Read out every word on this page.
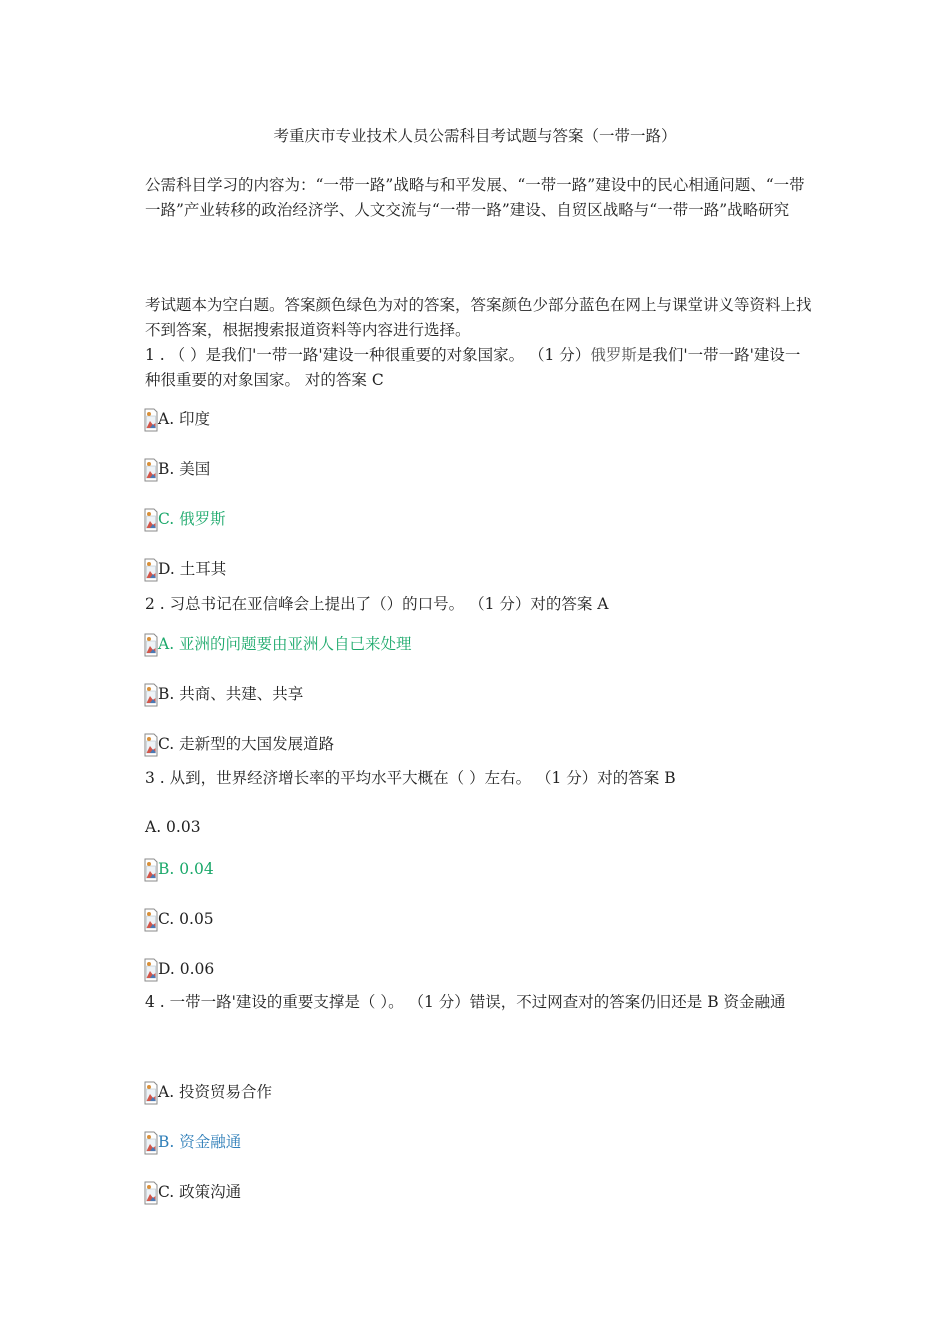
考重庆市专业技术人员公需科目考试题与答案（一带一路）
公需科目学习的内容为：“一带一路”战略与和平发展、“一带一路”建设中的民心相通问题、“一带一路”产业转移的政治经济学、人文交流与“一带一路”建设、自贸区战略与“一带一路”战略研究
考试题本为空白题。答案颜色绿色为对的答案，答案颜色少部分蓝色在网上与课堂讲义等资料上找不到答案，根据搜索报道资料等内容进行选择。
1 . （ ）是我们'一带一路'建设一种很重要的对象国家。 （1 分）俄罗斯是我们'一带一路'建设一种很重要的对象国家。 对的答案 C
A. 印度
B. 美国
C. 俄罗斯
D. 土耳其
2 . 习总书记在亚信峰会上提出了（）的口号。 （1 分）对的答案 A
A. 亚洲的问题要由亚洲人自己来处理
B. 共商、共建、共享
C. 走新型的大国发展道路
3 . 从到，世界经济增长率的平均水平大概在（ ）左右。 （1 分）对的答案 B
A. 0.03
B. 0.04
C. 0.05
D. 0.06
4 . 一带一路'建设的重要支撑是（ ）。 （1 分）错误，不过网查对的答案仍旧还是 B 资金融通
A. 投资贸易合作
B. 资金融通
C. 政策沟通
